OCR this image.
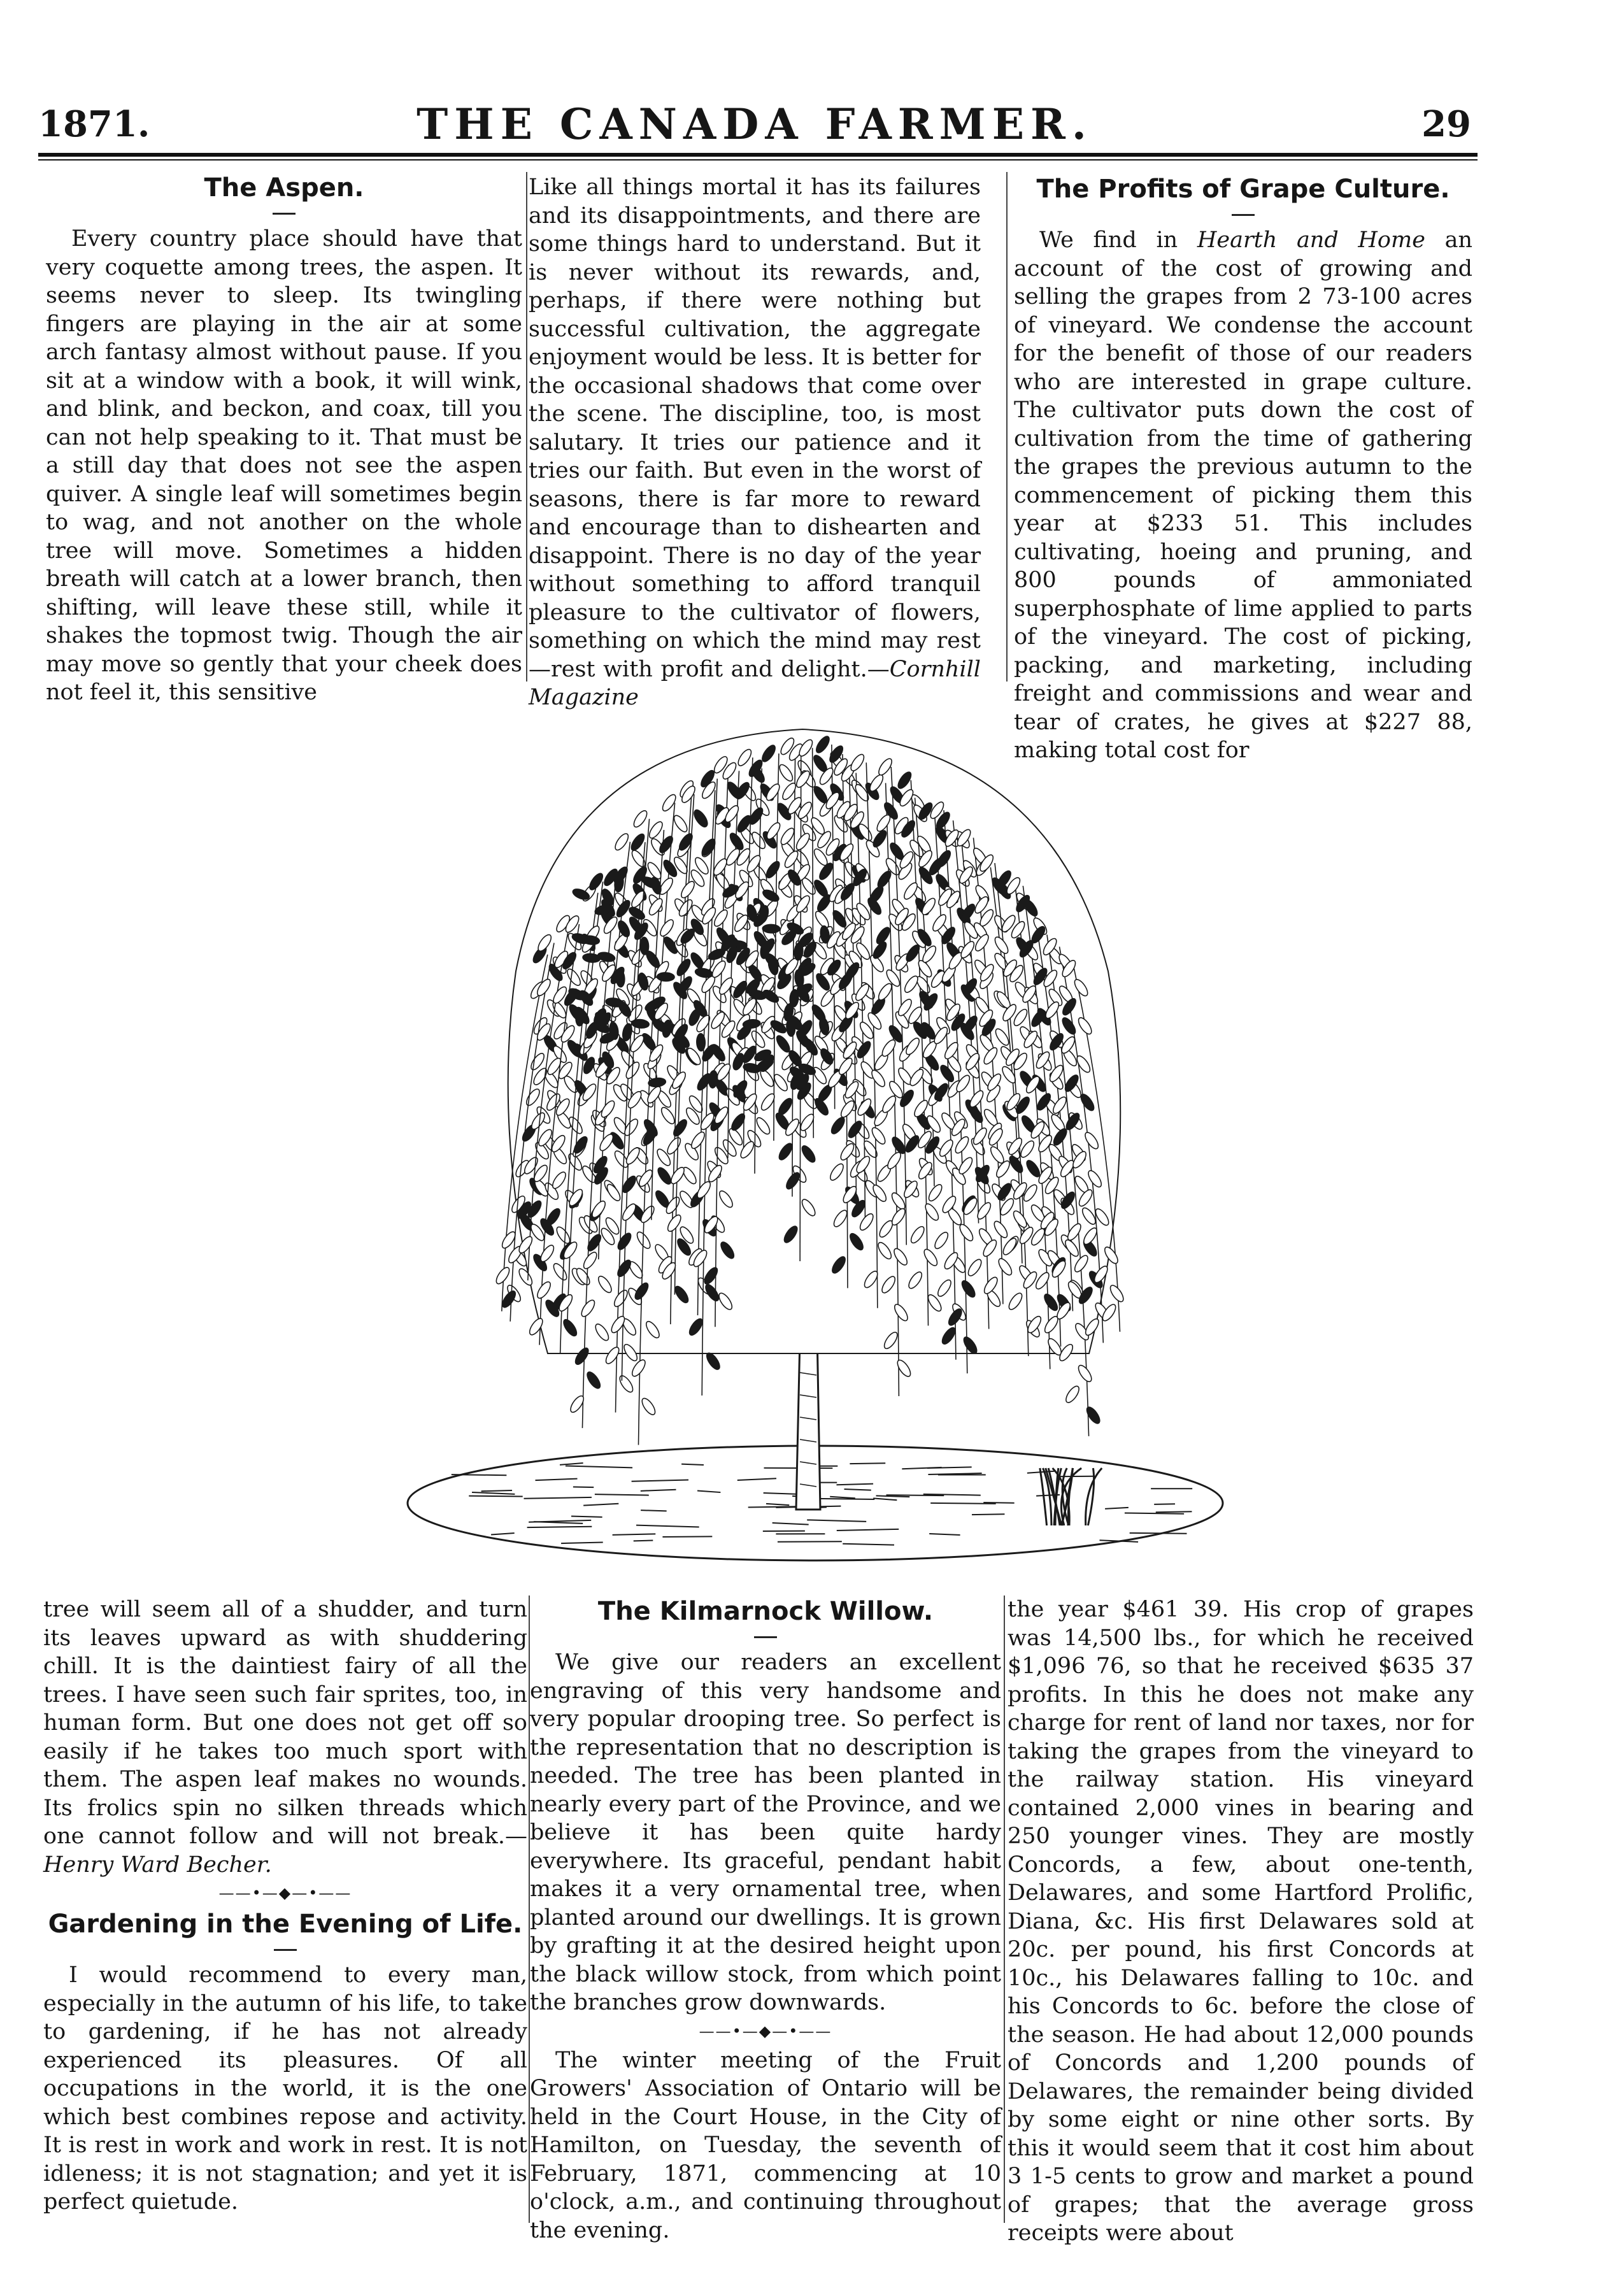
1871.	THE CANADA FARMER.	29
The Aspen.

Every country place should have that very coquette among trees, the aspen. It seems never to sleep. Its twingling fingers are playing in the air at some arch fantasy almost without pause. If you sit at a window with a book, it will wink, and blink, and beckon, and coax, till you can not help speaking to it. That must be a still day that does not see the aspen quiver. A single leaf will sometimes begin to wag, and not another on the whole tree will move. Sometimes a hidden breath will catch at a lower branch, then shifting, will leave these still, while it shakes the topmost twig. Though the air may move so gently that your cheek does not feel it, this sensitive

Like all things mortal it has its failures and its disappointments, and there are some things hard to understand. But it is never without its rewards, and, perhaps, if there were nothing but successful cultivation, the aggregate enjoyment would be less. It is better for the occasional shadows that come over the scene. The discipline, too, is most salutary. It tries our patience and it tries our faith. But even in the worst of seasons, there is far more to reward and encourage than to dishearten and disappoint. There is no day of the year without something to afford tranquil pleasure to the cultivator of flowers, something on which the mind may rest—rest with profit and delight.—Cornhill Magazine

The Profits of Grape Culture.

We find in Hearth and Home an account of the cost of growing and selling the grapes from 2 73-100 acres of vineyard. We condense the account for the benefit of those of our readers who are interested in grape culture. The cultivator puts down the cost of cultivation from the time of gathering the grapes the previous autumn to the commencement of picking them this year at $233 51. This includes cultivating, hoeing and pruning, and 800 pounds of ammoniated superphosphate of lime applied to parts of the vineyard. The cost of picking, packing, and marketing, including freight and commissions and wear and tear of crates, he gives at $227 88, making total cost for

tree will seem all of a shudder, and turn its leaves upward as with shuddering chill. It is the daintiest fairy of all the trees. I have seen such fair sprites, too, in human form. But one does not get off so easily if he takes too much sport with them. The aspen leaf makes no wounds. Its frolics spin no silken threads which one cannot follow and will not break.—Henry Ward Becher.

——•—◆—•——
Gardening in the Evening of Life.

I would recommend to every man, especially in the autumn of his life, to take to gardening, if he has not already experienced its pleasures. Of all occupations in the world, it is the one which best combines repose and activity. It is rest in work and work in rest. It is not idleness; it is not stagnation; and yet it is perfect quietude.

The Kilmarnock Willow.

We give our readers an excellent engraving of this very handsome and very popular drooping tree. So perfect is the representation that no description is needed. The tree has been planted in nearly every part of the Province, and we believe it has been quite hardy everywhere. Its graceful, pendant habit makes it a very ornamental tree, when planted around our dwellings. It is grown by grafting it at the desired height upon the black willow stock, from which point the branches grow downwards.

——•—◆—•——

The winter meeting of the Fruit Growers' Association of Ontario will be held in the Court House, in the City of Hamilton, on Tuesday, the seventh of February, 1871, commencing at 10 o'clock, a.m., and continuing throughout the evening.

the year $461 39. His crop of grapes was 14,500 lbs., for which he received $1,096 76, so that he received $635 37 profits. In this he does not make any charge for rent of land nor taxes, nor for taking the grapes from the vineyard to the railway station. His vineyard contained 2,000 vines in bearing and 250 younger vines. They are mostly Concords, a few, about one-tenth, Delawares, and some Hartford Prolific, Diana, &c. His first Delawares sold at 20c. per pound, his first Concords at 10c., his Delawares falling to 10c. and his Concords to 6c. before the close of the season. He had about 12,000 pounds of Concords and 1,200 pounds of Delawares, the remainder being divided by some eight or nine other sorts. By this it would seem that it cost him about 3 1-5 cents to grow and market a pound of grapes; that the average gross receipts were about
